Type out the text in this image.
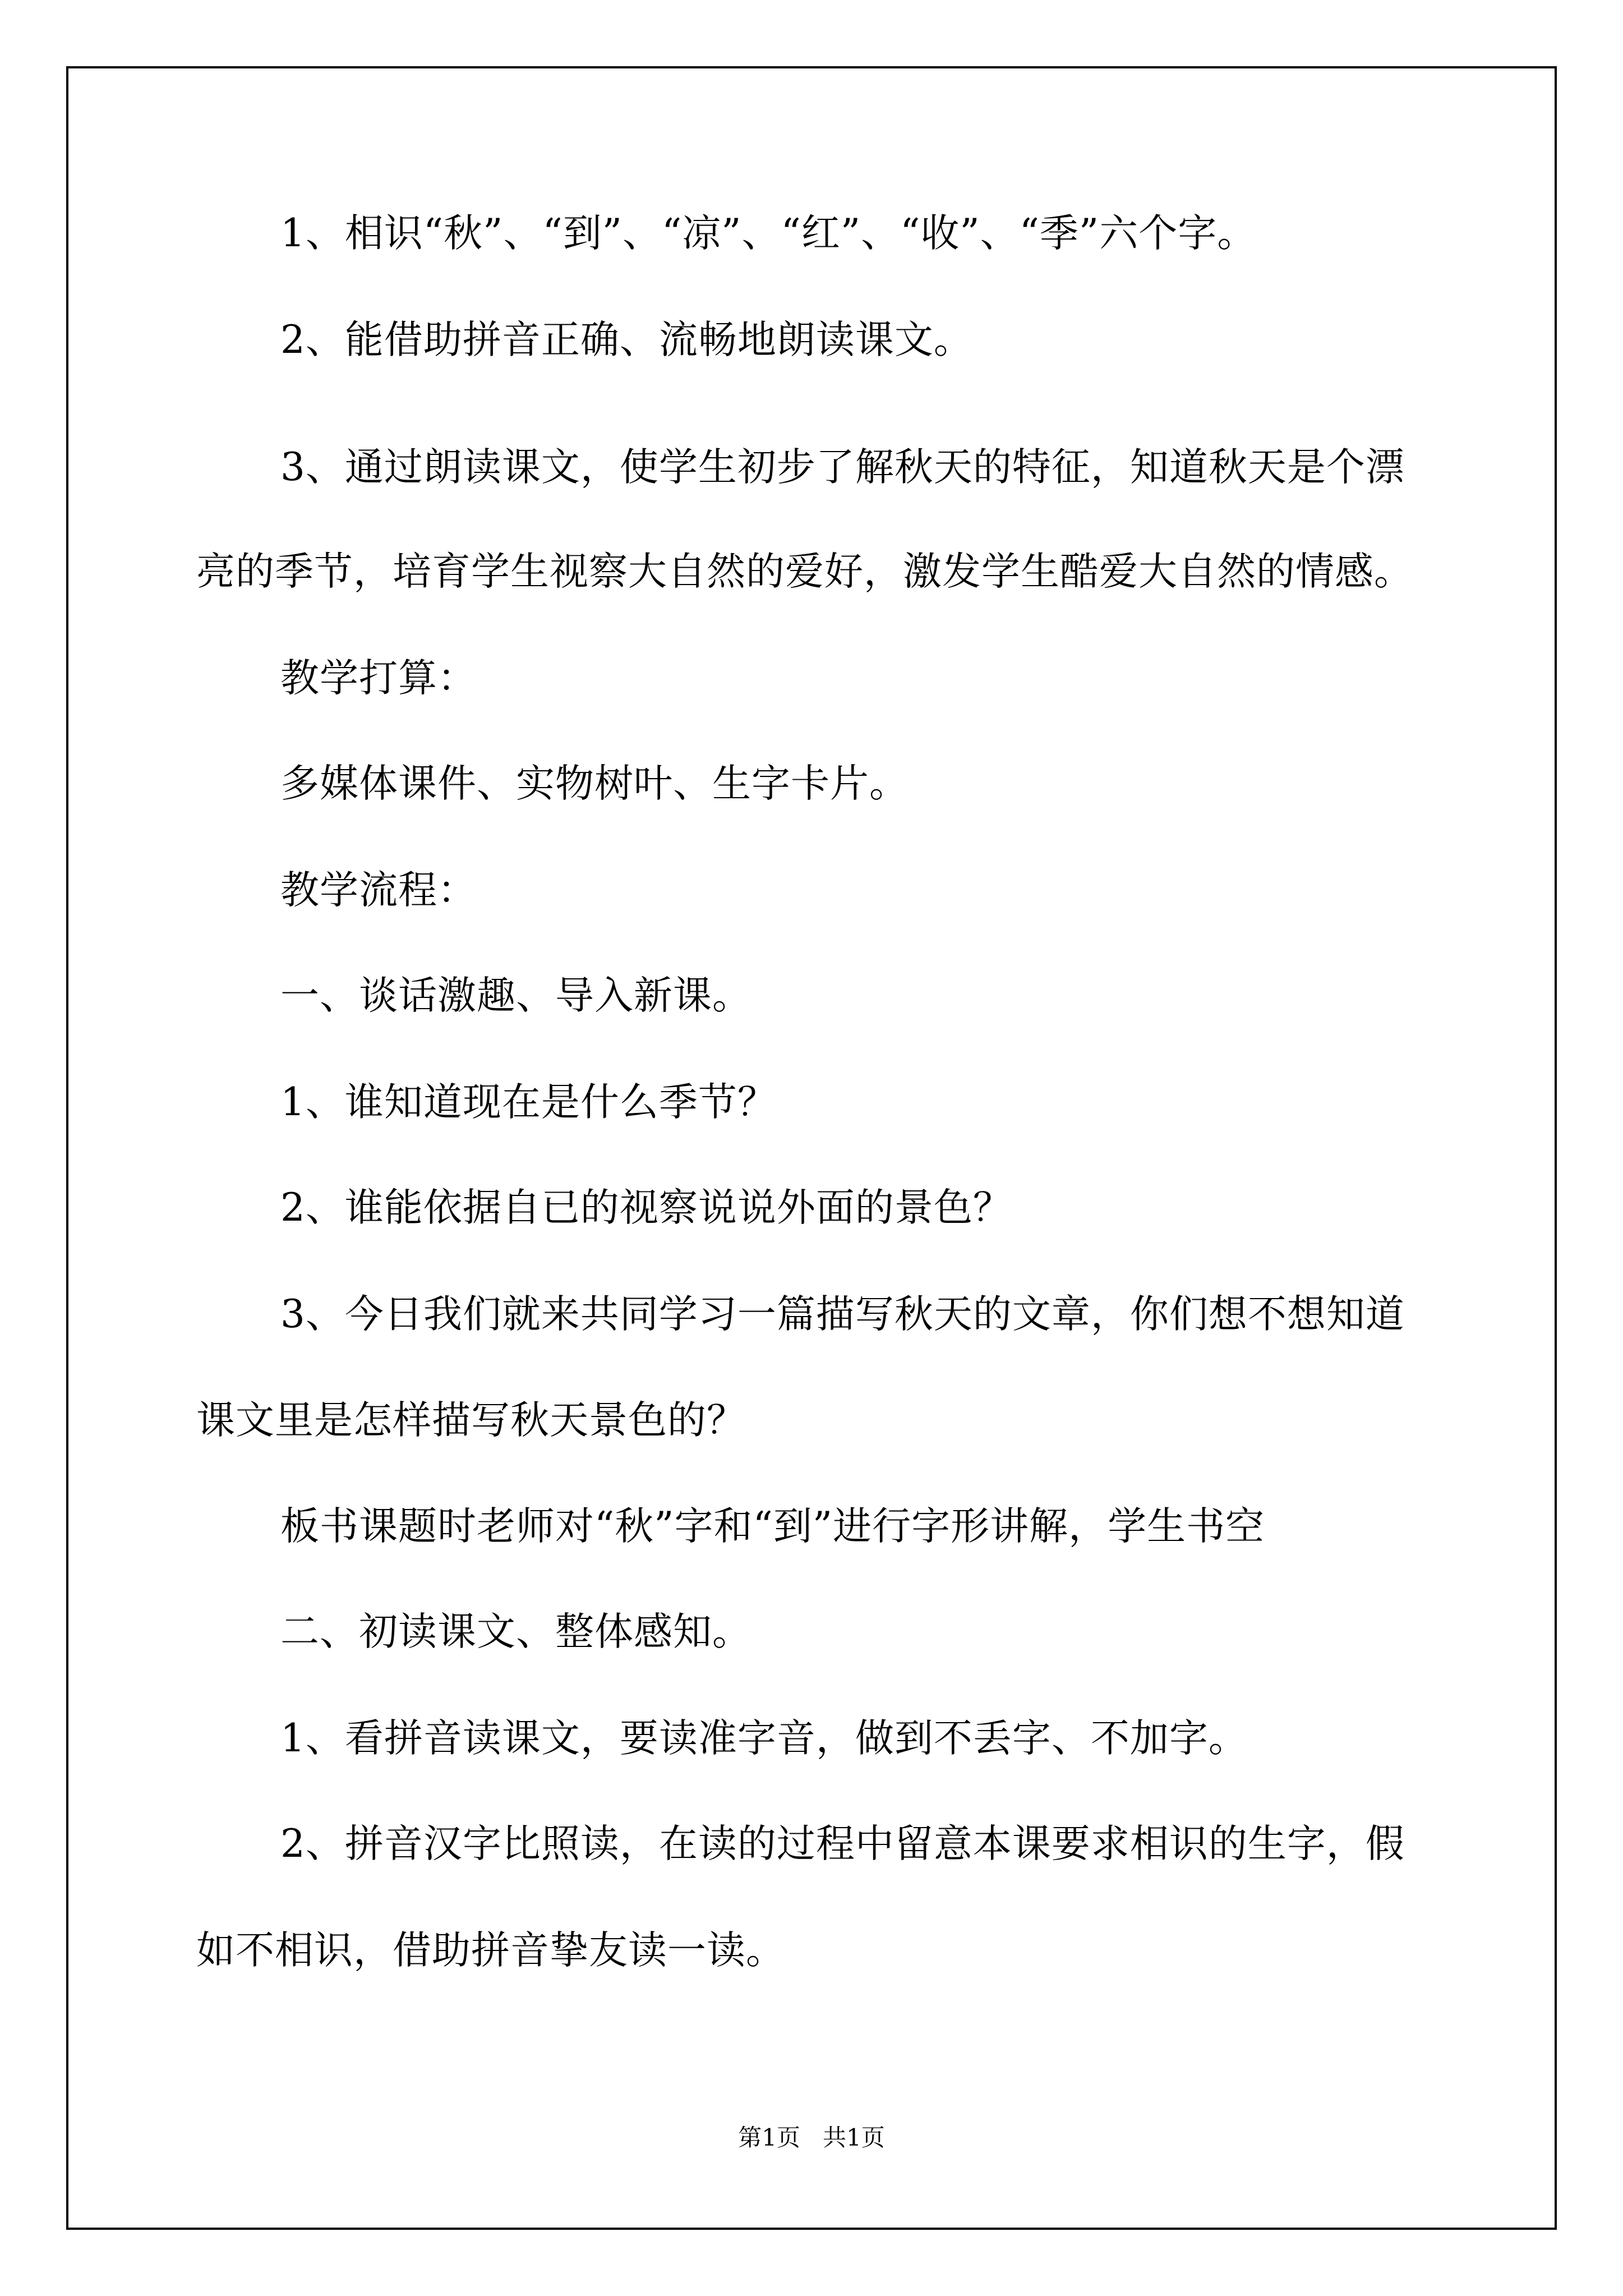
1、相识“秋”、“到”、“凉”、“红”、“收”、“季”六个字。

2、能借助拼音正确、流畅地朗读课文。

3、通过朗读课文，使学生初步了解秋天的特征，知道秋天是个漂

亮的季节，培育学生视察大自然的爱好，激发学生酷爱大自然的情感。

教学打算：

多媒体课件、实物树叶、生字卡片。

教学流程：

一、谈话激趣、导入新课。

1、谁知道现在是什么季节？

2、谁能依据自已的视察说说外面的景色？

3、今日我们就来共同学习一篇描写秋天的文章，你们想不想知道

课文里是怎样描写秋天景色的？

板书课题时老师对“秋”字和“到”进行字形讲解，学生书空

二、初读课文、整体感知。

1、看拼音读课文，要读准字音，做到不丢字、不加字。

2、拼音汉字比照读，在读的过程中留意本课要求相识的生字，假

如不相识，借助拼音挚友读一读。

第1页 共1页
